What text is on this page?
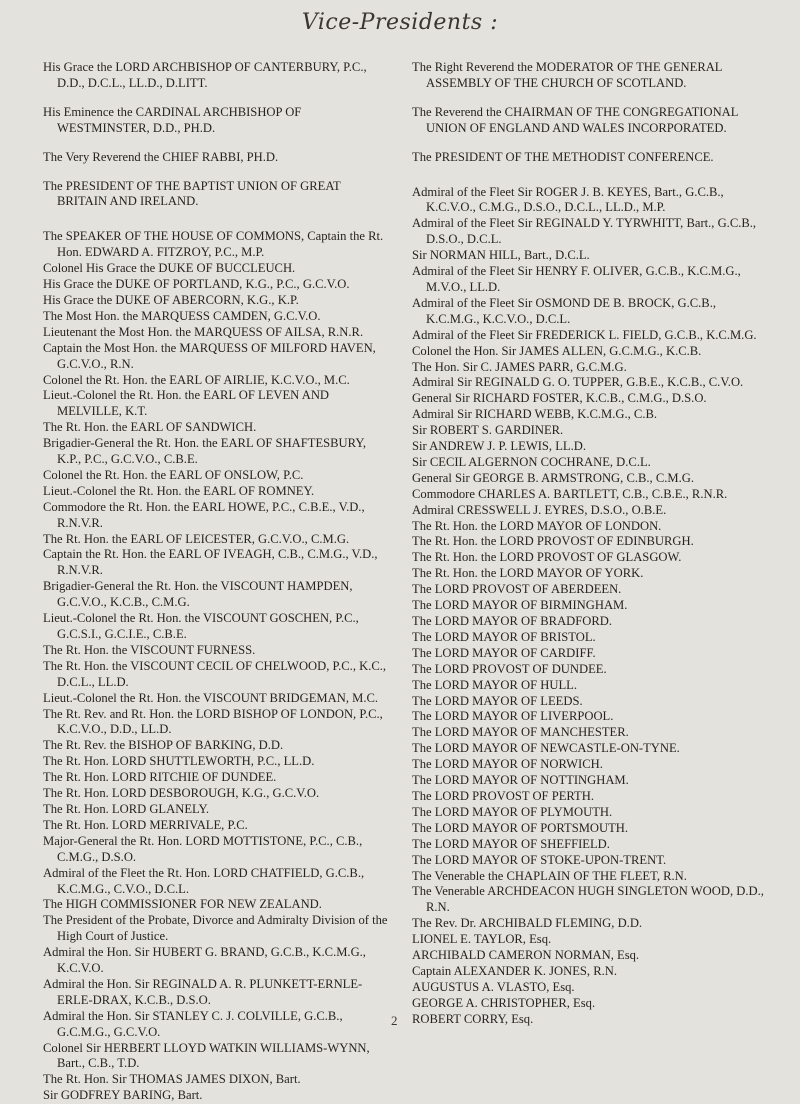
Vice-Presidents :

His Grace the LORD ARCHBISHOP OF CANTERBURY, P.C., D.D., D.C.L., LL.D., D.LITT.

His Eminence the CARDINAL ARCHBISHOP OF WESTMINSTER, D.D., PH.D.

The Very Reverend the CHIEF RABBI, PH.D.

The PRESIDENT OF THE BAPTIST UNION OF GREAT BRITAIN AND IRELAND.

The SPEAKER OF THE HOUSE OF COMMONS, Captain the Rt. Hon. EDWARD A. FITZROY, P.C., M.P.

Colonel His Grace the DUKE OF BUCCLEUCH.

His Grace the DUKE OF PORTLAND, K.G., P.C., G.C.V.O.

His Grace the DUKE OF ABERCORN, K.G., K.P.

The Most Hon. the MARQUESS CAMDEN, G.C.V.O.

Lieutenant the Most Hon. the MARQUESS OF AILSA, R.N.R.

Captain the Most Hon. the MARQUESS OF MILFORD HAVEN, G.C.V.O., R.N.

Colonel the Rt. Hon. the EARL OF AIRLIE, K.C.V.O., M.C.

Lieut.-Colonel the Rt. Hon. the EARL OF LEVEN AND MELVILLE, K.T.

The Rt. Hon. the EARL OF SANDWICH.

Brigadier-General the Rt. Hon. the EARL OF SHAFTESBURY, K.P., P.C., G.C.V.O., C.B.E.

Colonel the Rt. Hon. the EARL OF ONSLOW, P.C.

Lieut.-Colonel the Rt. Hon. the EARL OF ROMNEY.

Commodore the Rt. Hon. the EARL HOWE, P.C., C.B.E., V.D., R.N.V.R.

The Rt. Hon. the EARL OF LEICESTER, G.C.V.O., C.M.G.

Captain the Rt. Hon. the EARL OF IVEAGH, C.B., C.M.G., V.D., R.N.V.R.

Brigadier-General the Rt. Hon. the VISCOUNT HAMPDEN, G.C.V.O., K.C.B., C.M.G.

Lieut.-Colonel the Rt. Hon. the VISCOUNT GOSCHEN, P.C., G.C.S.I., G.C.I.E., C.B.E.

The Rt. Hon. the VISCOUNT FURNESS.

The Rt. Hon. the VISCOUNT CECIL OF CHELWOOD, P.C., K.C., D.C.L., LL.D.

Lieut.-Colonel the Rt. Hon. the VISCOUNT BRIDGEMAN, M.C.

The Rt. Rev. and Rt. Hon. the LORD BISHOP OF LONDON, P.C., K.C.V.O., D.D., LL.D.

The Rt. Rev. the BISHOP OF BARKING, D.D.

The Rt. Hon. LORD SHUTTLEWORTH, P.C., LL.D.

The Rt. Hon. LORD RITCHIE OF DUNDEE.

The Rt. Hon. LORD DESBOROUGH, K.G., G.C.V.O.

The Rt. Hon. LORD GLANELY.

The Rt. Hon. LORD MERRIVALE, P.C.

Major-General the Rt. Hon. LORD MOTTISTONE, P.C., C.B., C.M.G., D.S.O.

Admiral of the Fleet the Rt. Hon. LORD CHATFIELD, G.C.B., K.C.M.G., C.V.O., D.C.L.

The HIGH COMMISSIONER FOR NEW ZEALAND.

The President of the Probate, Divorce and Admiralty Division of the High Court of Justice.

Admiral the Hon. Sir HUBERT G. BRAND, G.C.B., K.C.M.G., K.C.V.O.

Admiral the Hon. Sir REGINALD A. R. PLUNKETT-ERNLE-ERLE-DRAX, K.C.B., D.S.O.

Admiral the Hon. Sir STANLEY C. J. COLVILLE, G.C.B., G.C.M.G., G.C.V.O.

Colonel Sir HERBERT LLOYD WATKIN WILLIAMS-WYNN, Bart., C.B., T.D.

The Rt. Hon. Sir THOMAS JAMES DIXON, Bart.

Sir GODFREY BARING, Bart.

The Right Reverend the MODERATOR OF THE GENERAL ASSEMBLY OF THE CHURCH OF SCOTLAND.

The Reverend the CHAIRMAN OF THE CONGREGATIONAL UNION OF ENGLAND AND WALES INCORPORATED.

The PRESIDENT OF THE METHODIST CONFERENCE.

Admiral of the Fleet Sir ROGER J. B. KEYES, Bart., G.C.B., K.C.V.O., C.M.G., D.S.O., D.C.L., LL.D., M.P.

Admiral of the Fleet Sir REGINALD Y. TYRWHITT, Bart., G.C.B., D.S.O., D.C.L.

Sir NORMAN HILL, Bart., D.C.L.

Admiral of the Fleet Sir HENRY F. OLIVER, G.C.B., K.C.M.G., M.V.O., LL.D.

Admiral of the Fleet Sir OSMOND DE B. BROCK, G.C.B., K.C.M.G., K.C.V.O., D.C.L.

Admiral of the Fleet Sir FREDERICK L. FIELD, G.C.B., K.C.M.G.

Colonel the Hon. Sir JAMES ALLEN, G.C.M.G., K.C.B.

The Hon. Sir C. JAMES PARR, G.C.M.G.

Admiral Sir REGINALD G. O. TUPPER, G.B.E., K.C.B., C.V.O.

General Sir RICHARD FOSTER, K.C.B., C.M.G., D.S.O.

Admiral Sir RICHARD WEBB, K.C.M.G., C.B.

Sir ROBERT S. GARDINER.

Sir ANDREW J. P. LEWIS, LL.D.

Sir CECIL ALGERNON COCHRANE, D.C.L.

General Sir GEORGE B. ARMSTRONG, C.B., C.M.G.

Commodore CHARLES A. BARTLETT, C.B., C.B.E., R.N.R.

Admiral CRESSWELL J. EYRES, D.S.O., O.B.E.

The Rt. Hon. the LORD MAYOR OF LONDON.

The Rt. Hon. the LORD PROVOST OF EDINBURGH.

The Rt. Hon. the LORD PROVOST OF GLASGOW.

The Rt. Hon. the LORD MAYOR OF YORK.

The LORD PROVOST OF ABERDEEN.

The LORD MAYOR OF BIRMINGHAM.

The LORD MAYOR OF BRADFORD.

The LORD MAYOR OF BRISTOL.

The LORD MAYOR OF CARDIFF.

The LORD PROVOST OF DUNDEE.

The LORD MAYOR OF HULL.

The LORD MAYOR OF LEEDS.

The LORD MAYOR OF LIVERPOOL.

The LORD MAYOR OF MANCHESTER.

The LORD MAYOR OF NEWCASTLE-ON-TYNE.

The LORD MAYOR OF NORWICH.

The LORD MAYOR OF NOTTINGHAM.

The LORD PROVOST OF PERTH.

The LORD MAYOR OF PLYMOUTH.

The LORD MAYOR OF PORTSMOUTH.

The LORD MAYOR OF SHEFFIELD.

The LORD MAYOR OF STOKE-UPON-TRENT.

The Venerable the CHAPLAIN OF THE FLEET, R.N.

The Venerable ARCHDEACON HUGH SINGLETON WOOD, D.D., R.N.

The Rev. Dr. ARCHIBALD FLEMING, D.D.

LIONEL E. TAYLOR, Esq.

ARCHIBALD CAMERON NORMAN, Esq.

Captain ALEXANDER K. JONES, R.N.

AUGUSTUS A. VLASTO, Esq.

GEORGE A. CHRISTOPHER, Esq.

ROBERT CORRY, Esq.

2
